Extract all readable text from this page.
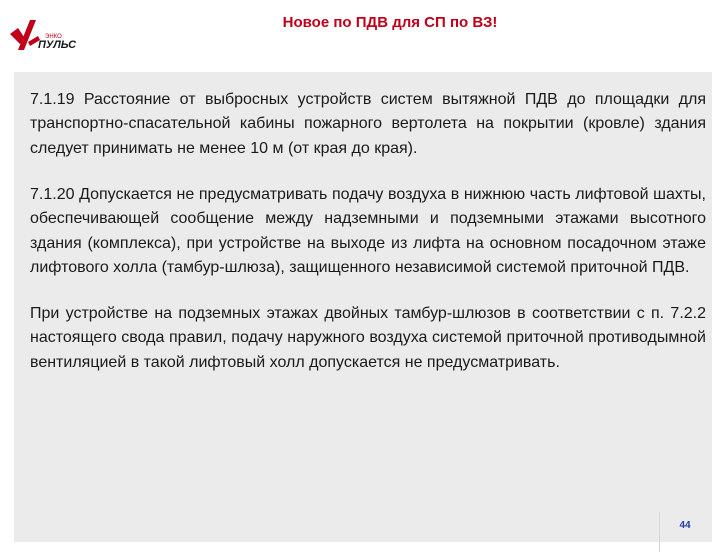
ЭНКО
ПУЛЬС
Новое по ПДВ для СП по ВЗ!

7.1.19 Расстояние от выбросных устройств систем вытяжной ПДВ до площадки для транспортно-спасательной кабины пожарного вертолета на покрытии (кровле) здания следует принимать не менее 10 м (от края до края).

7.1.20 Допускается не предусматривать подачу воздуха в нижнюю часть лифтовой шахты, обеспечивающей сообщение между надземными и подземными этажами высотного здания (комплекса), при устройстве на выходе из лифта на основном посадочном этаже лифтового холла (тамбур-шлюза), защищенного независимой системой приточной ПДВ.

При устройстве на подземных этажах двойных тамбур-шлюзов в соответствии с п. 7.2.2 настоящего свода правил, подачу наружного воздуха системой приточной противодымной вентиляцией в такой лифтовый холл допускается не предусматривать.

44
